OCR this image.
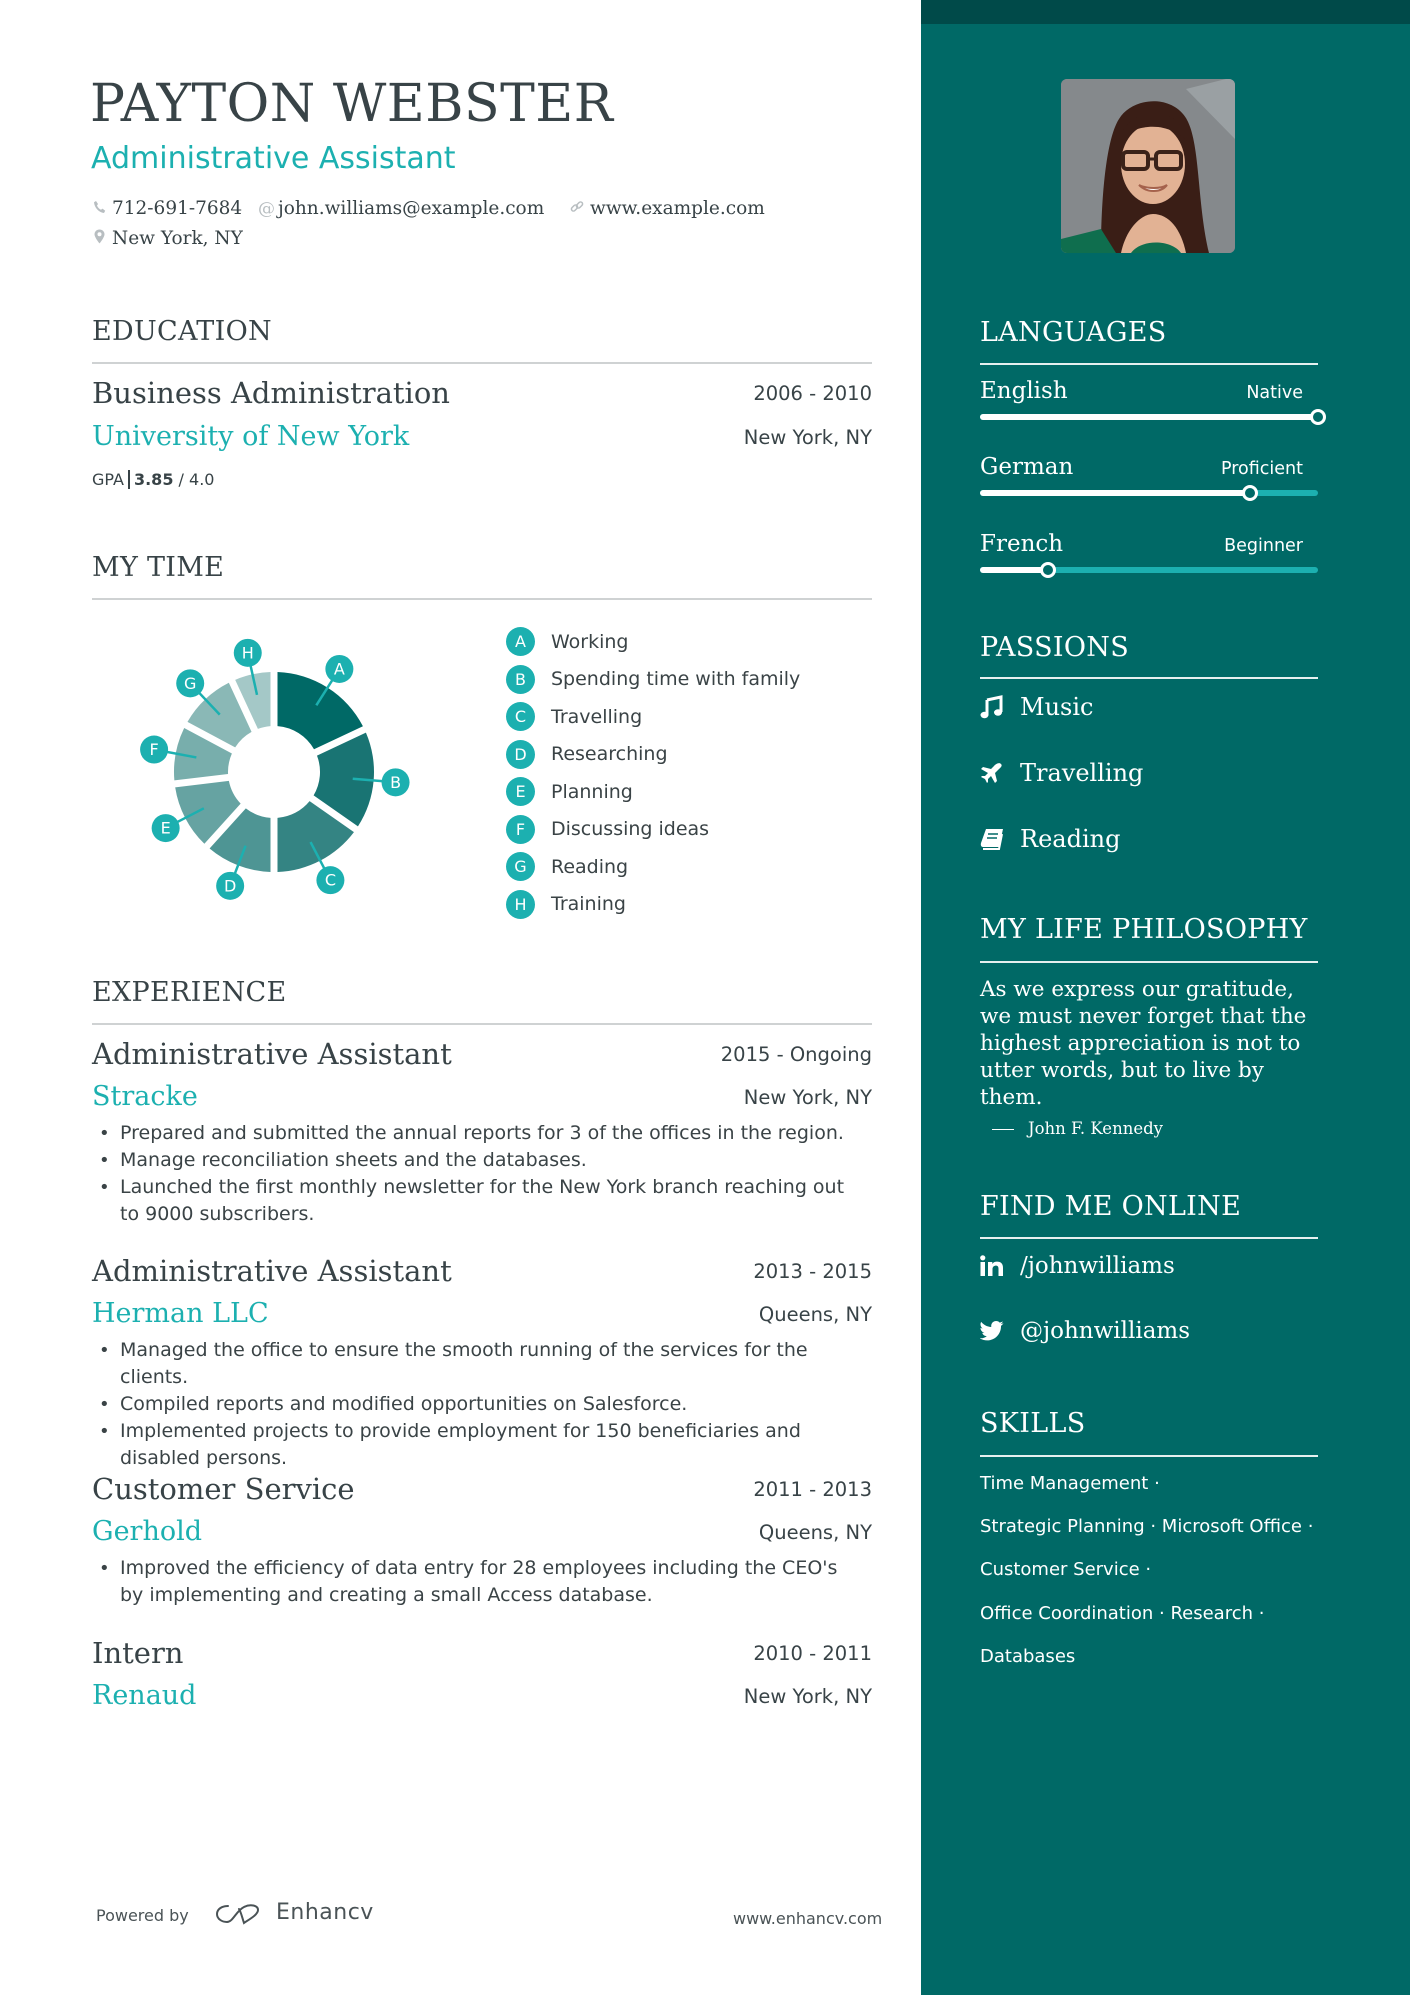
PAYTON WEBSTER
Administrative Assistant
712-691-7684 @ john.williams@example.com www.example.com
New York, NY
EDUCATION
Business Administration	2006 - 2010
University of New York	New York, NY
GPA 3.85 / 4.0
MY TIME
A
B
C
D
E
F
G
H
A	Working
B	Spending time with family
C	Travelling
D	Researching
E	Planning
F	Discussing ideas
G	Reading
H	Training
EXPERIENCE
Administrative Assistant	2015 - Ongoing
Stracke	New York, NY
• Prepared and submitted the annual reports for 3 of the offices in the region.
• Manage reconciliation sheets and the databases.
• Launched the first monthly newsletter for the New York branch reaching out to 9000 subscribers.
Administrative Assistant	2013 - 2015
Herman LLC	Queens, NY
• Managed the office to ensure the smooth running of the services for the clients.
• Compiled reports and modified opportunities on Salesforce.
• Implemented projects to provide employment for 150 beneficiaries and disabled persons.
Customer Service	2011 - 2013
Gerhold	Queens, NY
• Improved the efficiency of data entry for 28 employees including the CEO's by implementing and creating a small Access database.
Intern	2010 - 2011
Renaud	New York, NY
Powered by	Enhancv	www.enhancv.com
LANGUAGES
English	Native
German	Proficient
French	Beginner
PASSIONS
Music
Travelling
Reading
MY LIFE PHILOSOPHY
As we express our gratitude, we must never forget that the highest appreciation is not to utter words, but to live by them.
John F. Kennedy
FIND ME ONLINE
/johnwilliams
@johnwilliams
SKILLS
Time Management ·
Strategic Planning · Microsoft Office ·
Customer Service ·
Office Coordination · Research ·
Databases
